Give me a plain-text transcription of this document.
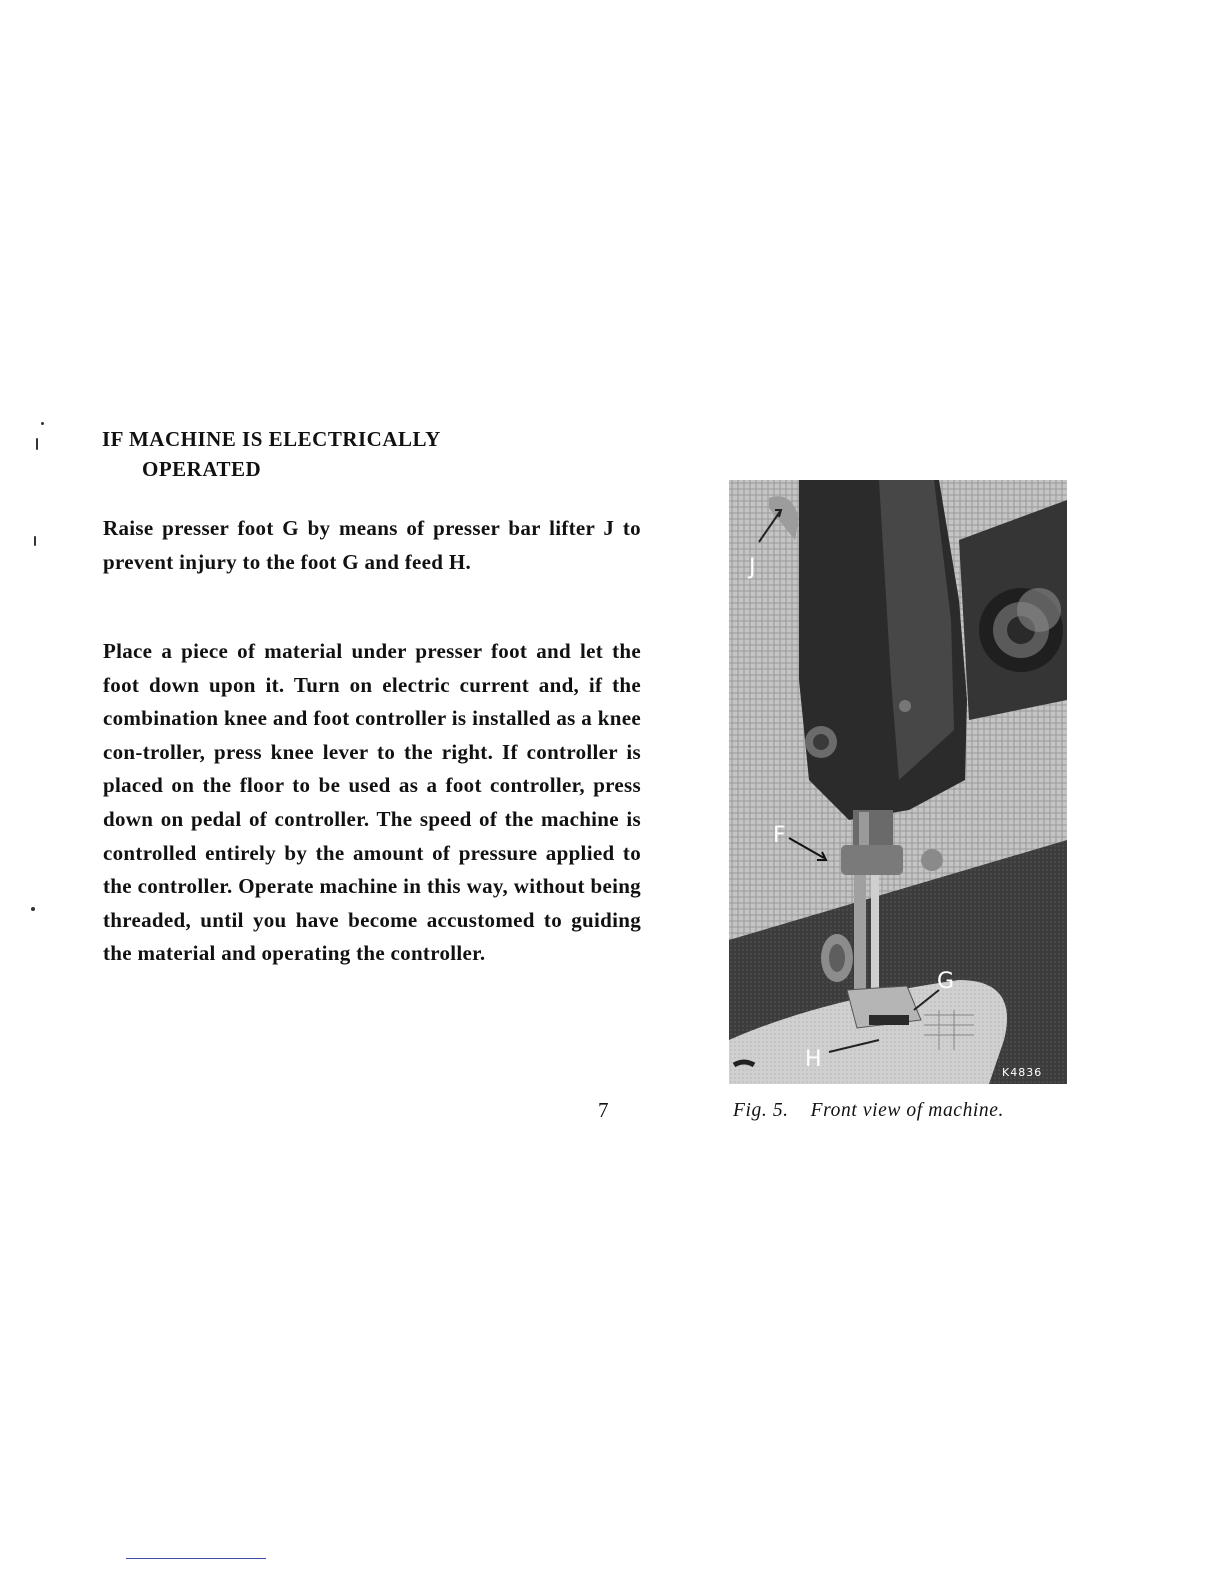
IF MACHINE IS ELECTRICALLY
OPERATED

Raise presser foot G by means of presser bar lifter J to prevent injury to the foot G and feed H.

Place a piece of material under presser foot and let the foot down upon it. Turn on electric current and, if the combination knee and foot controller is installed as a knee con-troller, press knee lever to the right. If controller is placed on the floor to be used as a foot controller, press down on pedal of controller. The speed of the machine is controlled entirely by the amount of pressure applied to the controller. Operate machine in this way, without being threaded, until you have become accustomed to guiding the material and operating the controller.

7
J
F
G
H
K4836
Fig. 5. Front view of machine.
